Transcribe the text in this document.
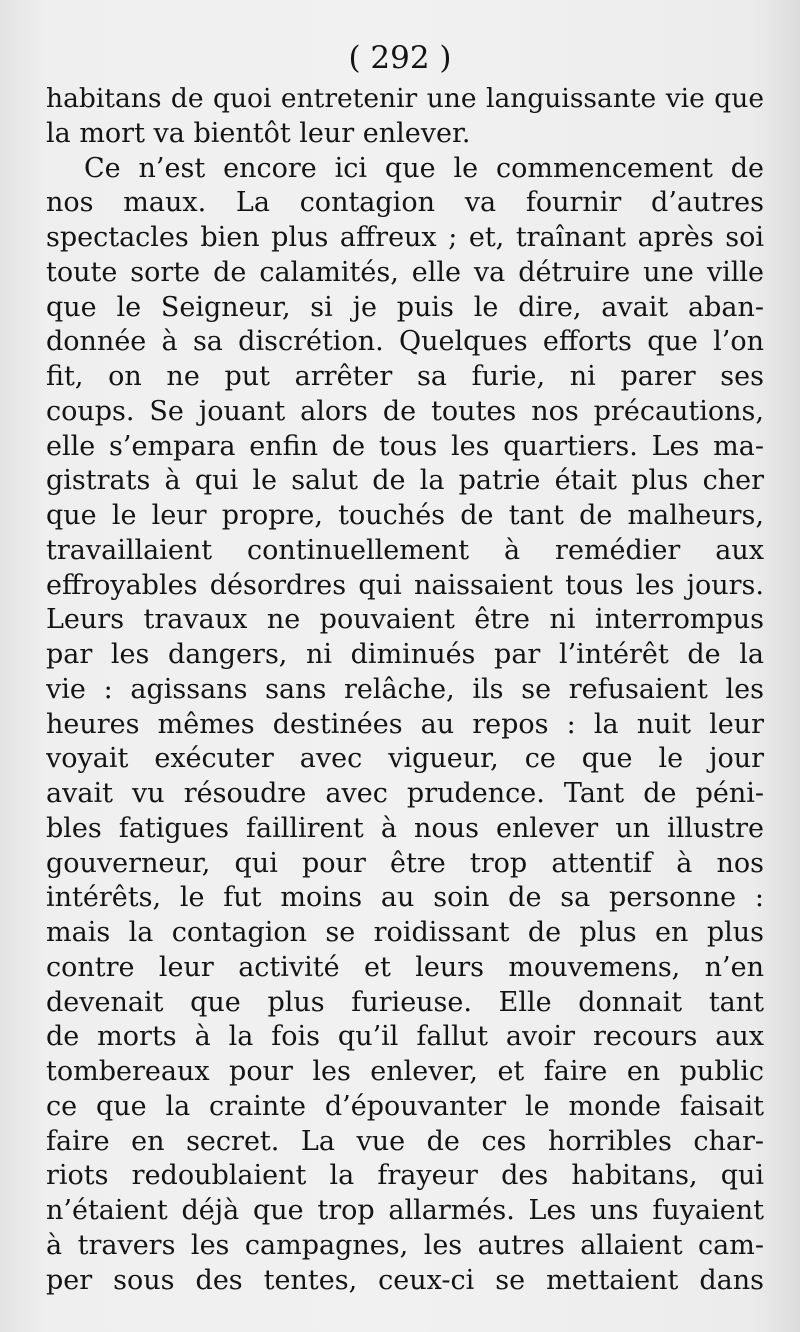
( 292 )

habitans de quoi entretenir une languissante vie que
la mort va bientôt leur enlever.
Ce n’est encore ici que le commencement de
nos maux. La contagion va fournir d’autres
spectacles bien plus affreux ; et, traînant après soi
toute sorte de calamités, elle va détruire une ville
que le Seigneur, si je puis le dire, avait aban-
donnée à sa discrétion. Quelques efforts que l’on
fit, on ne put arrêter sa furie, ni parer ses
coups. Se jouant alors de toutes nos précautions,
elle s’empara enfin de tous les quartiers. Les ma-
gistrats à qui le salut de la patrie était plus cher
que le leur propre, touchés de tant de malheurs,
travaillaient continuellement à remédier aux
effroyables désordres qui naissaient tous les jours.
Leurs travaux ne pouvaient être ni interrompus
par les dangers, ni diminués par l’intérêt de la
vie : agissans sans relâche, ils se refusaient les
heures mêmes destinées au repos : la nuit leur
voyait exécuter avec vigueur, ce que le jour
avait vu résoudre avec prudence. Tant de péni-
bles fatigues faillirent à nous enlever un illustre
gouverneur, qui pour être trop attentif à nos
intérêts, le fut moins au soin de sa personne :
mais la contagion se roidissant de plus en plus
contre leur activité et leurs mouvemens, n’en
devenait que plus furieuse. Elle donnait tant
de morts à la fois qu’il fallut avoir recours aux
tombereaux pour les enlever, et faire en public
ce que la crainte d’épouvanter le monde faisait
faire en secret. La vue de ces horribles char-
riots redoublaient la frayeur des habitans, qui
n’étaient déjà que trop allarmés. Les uns fuyaient
à travers les campagnes, les autres allaient cam-
per sous des tentes, ceux-ci se mettaient dans
